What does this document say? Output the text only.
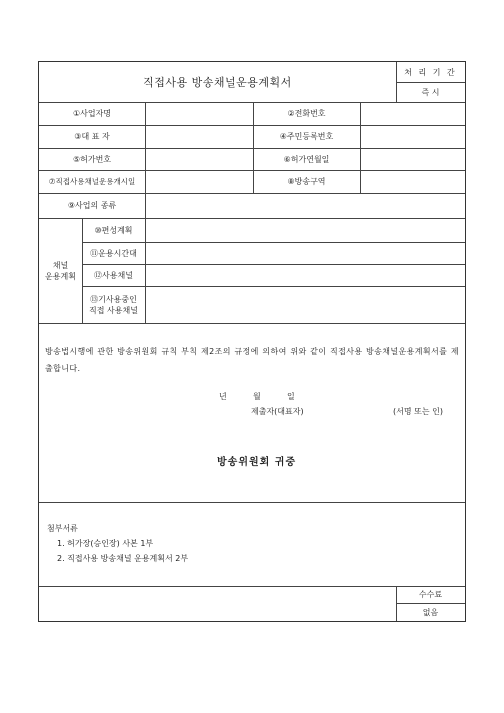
직접사용 방송채널운용계획서
처 리 기 간
즉 시
①사업자명	②전화번호
③대 표 자	④주민등록번호
⑤허가번호	⑥허가연월일
⑦직접사용채널운용개시일	⑧방송구역
⑨사업의 종류
채널
운용계획
⑩편성계획
⑪운용시간대
⑫사용채널
⑬기사용중인
직접 사용채널
방송법시행에 관한 방송위원회 규칙 부칙 제2조의 규정에 의하여 위와 같이 직접사용 방송채널운용계획서를 제출합니다.
년	월	일
제출자(대표자)	(서명 또는 인)
방송위원회 귀중
첨부서류
1. 허가장(승인장) 사본 1부
2. 직접사용 방송채널 운용계획서 2부
수수료
없음
